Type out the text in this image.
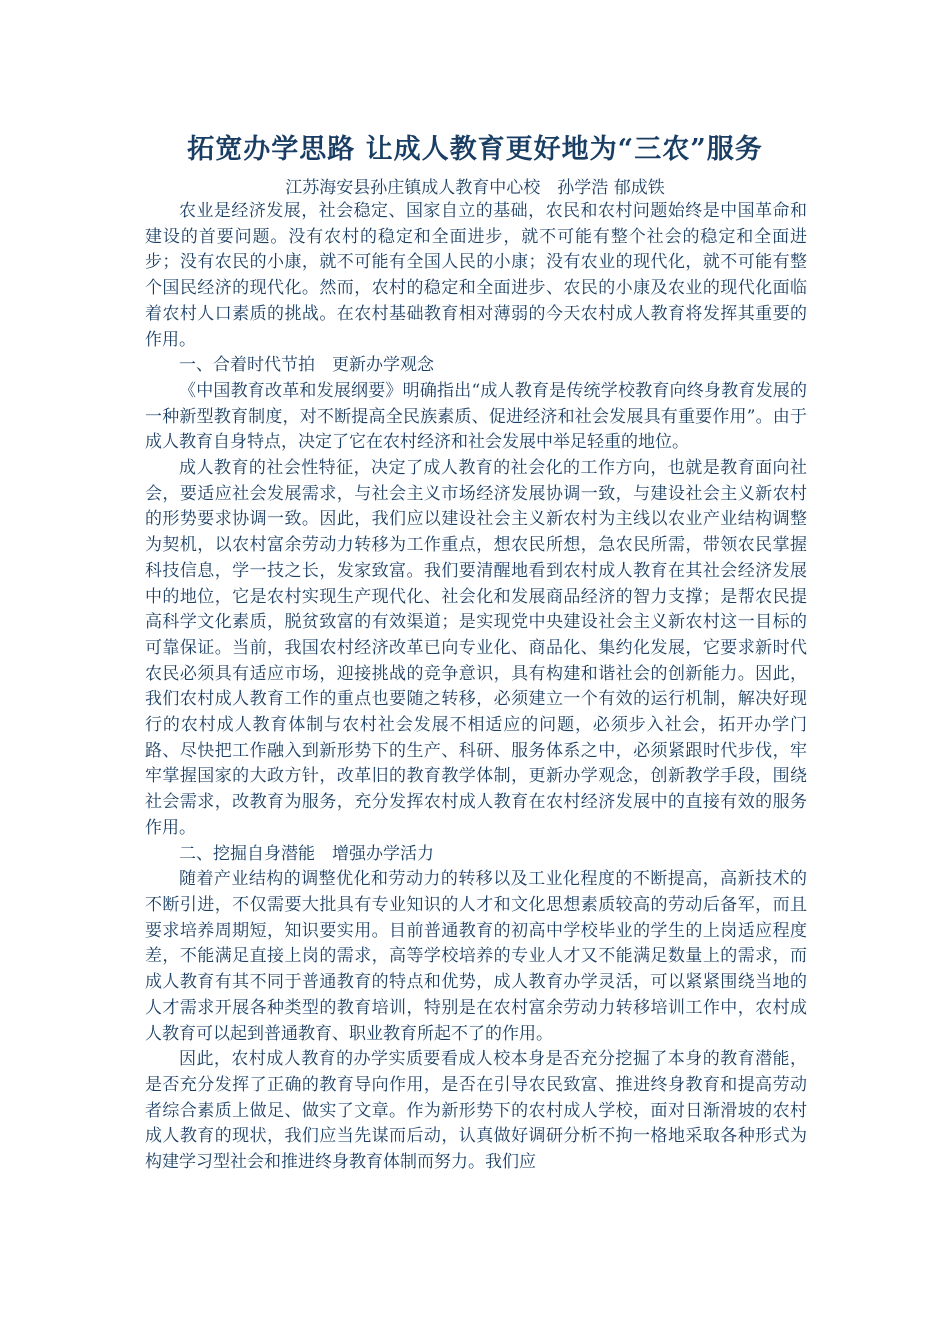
拓宽办学思路 让成人教育更好地为“三农”服务

江苏海安县孙庄镇成人教育中心校　孙学浩 郁成铁

农业是经济发展，社会稳定、国家自立的基础，农民和农村问题始终是中国革命和建设的首要问题。没有农村的稳定和全面进步，就不可能有整个社会的稳定和全面进步；没有农民的小康，就不可能有全国人民的小康；没有农业的现代化，就不可能有整个国民经济的现代化。然而，农村的稳定和全面进步、农民的小康及农业的现代化面临着农村人口素质的挑战。在农村基础教育相对薄弱的今天农村成人教育将发挥其重要的作用。

一、合着时代节拍　更新办学观念

《中国教育改革和发展纲要》明确指出“成人教育是传统学校教育向终身教育发展的一种新型教育制度，对不断提高全民族素质、促进经济和社会发展具有重要作用”。由于成人教育自身特点，决定了它在农村经济和社会发展中举足轻重的地位。

成人教育的社会性特征，决定了成人教育的社会化的工作方向，也就是教育面向社会，要适应社会发展需求，与社会主义市场经济发展协调一致，与建设社会主义新农村的形势要求协调一致。因此，我们应以建设社会主义新农村为主线以农业产业结构调整为契机，以农村富余劳动力转移为工作重点，想农民所想，急农民所需，带领农民掌握科技信息，学一技之长，发家致富。我们要清醒地看到农村成人教育在其社会经济发展中的地位，它是农村实现生产现代化、社会化和发展商品经济的智力支撑；是帮农民提高科学文化素质，脱贫致富的有效渠道；是实现党中央建设社会主义新农村这一目标的可靠保证。当前，我国农村经济改革已向专业化、商品化、集约化发展，它要求新时代农民必须具有适应市场，迎接挑战的竞争意识，具有构建和谐社会的创新能力。因此，我们农村成人教育工作的重点也要随之转移，必须建立一个有效的运行机制，解决好现行的农村成人教育体制与农村社会发展不相适应的问题，必须步入社会，拓开办学门路、尽快把工作融入到新形势下的生产、科研、服务体系之中，必须紧跟时代步伐，牢牢掌握国家的大政方针，改革旧的教育教学体制，更新办学观念，创新教学手段，围绕社会需求，改教育为服务，充分发挥农村成人教育在农村经济发展中的直接有效的服务作用。

二、挖掘自身潜能　增强办学活力

随着产业结构的调整优化和劳动力的转移以及工业化程度的不断提高，高新技术的不断引进，不仅需要大批具有专业知识的人才和文化思想素质较高的劳动后备军，而且要求培养周期短，知识要实用。目前普通教育的初高中学校毕业的学生的上岗适应程度差，不能满足直接上岗的需求，高等学校培养的专业人才又不能满足数量上的需求，而成人教育有其不同于普通教育的特点和优势，成人教育办学灵活，可以紧紧围绕当地的人才需求开展各种类型的教育培训，特别是在农村富余劳动力转移培训工作中，农村成人教育可以起到普通教育、职业教育所起不了的作用。

因此，农村成人教育的办学实质要看成人校本身是否充分挖掘了本身的教育潜能，是否充分发挥了正确的教育导向作用，是否在引导农民致富、推进终身教育和提高劳动者综合素质上做足、做实了文章。作为新形势下的农村成人学校，面对日渐滑坡的农村成人教育的现状，我们应当先谋而后动，认真做好调研分析不拘一格地采取各种形式为构建学习型社会和推进终身教育体制而努力。我们应
